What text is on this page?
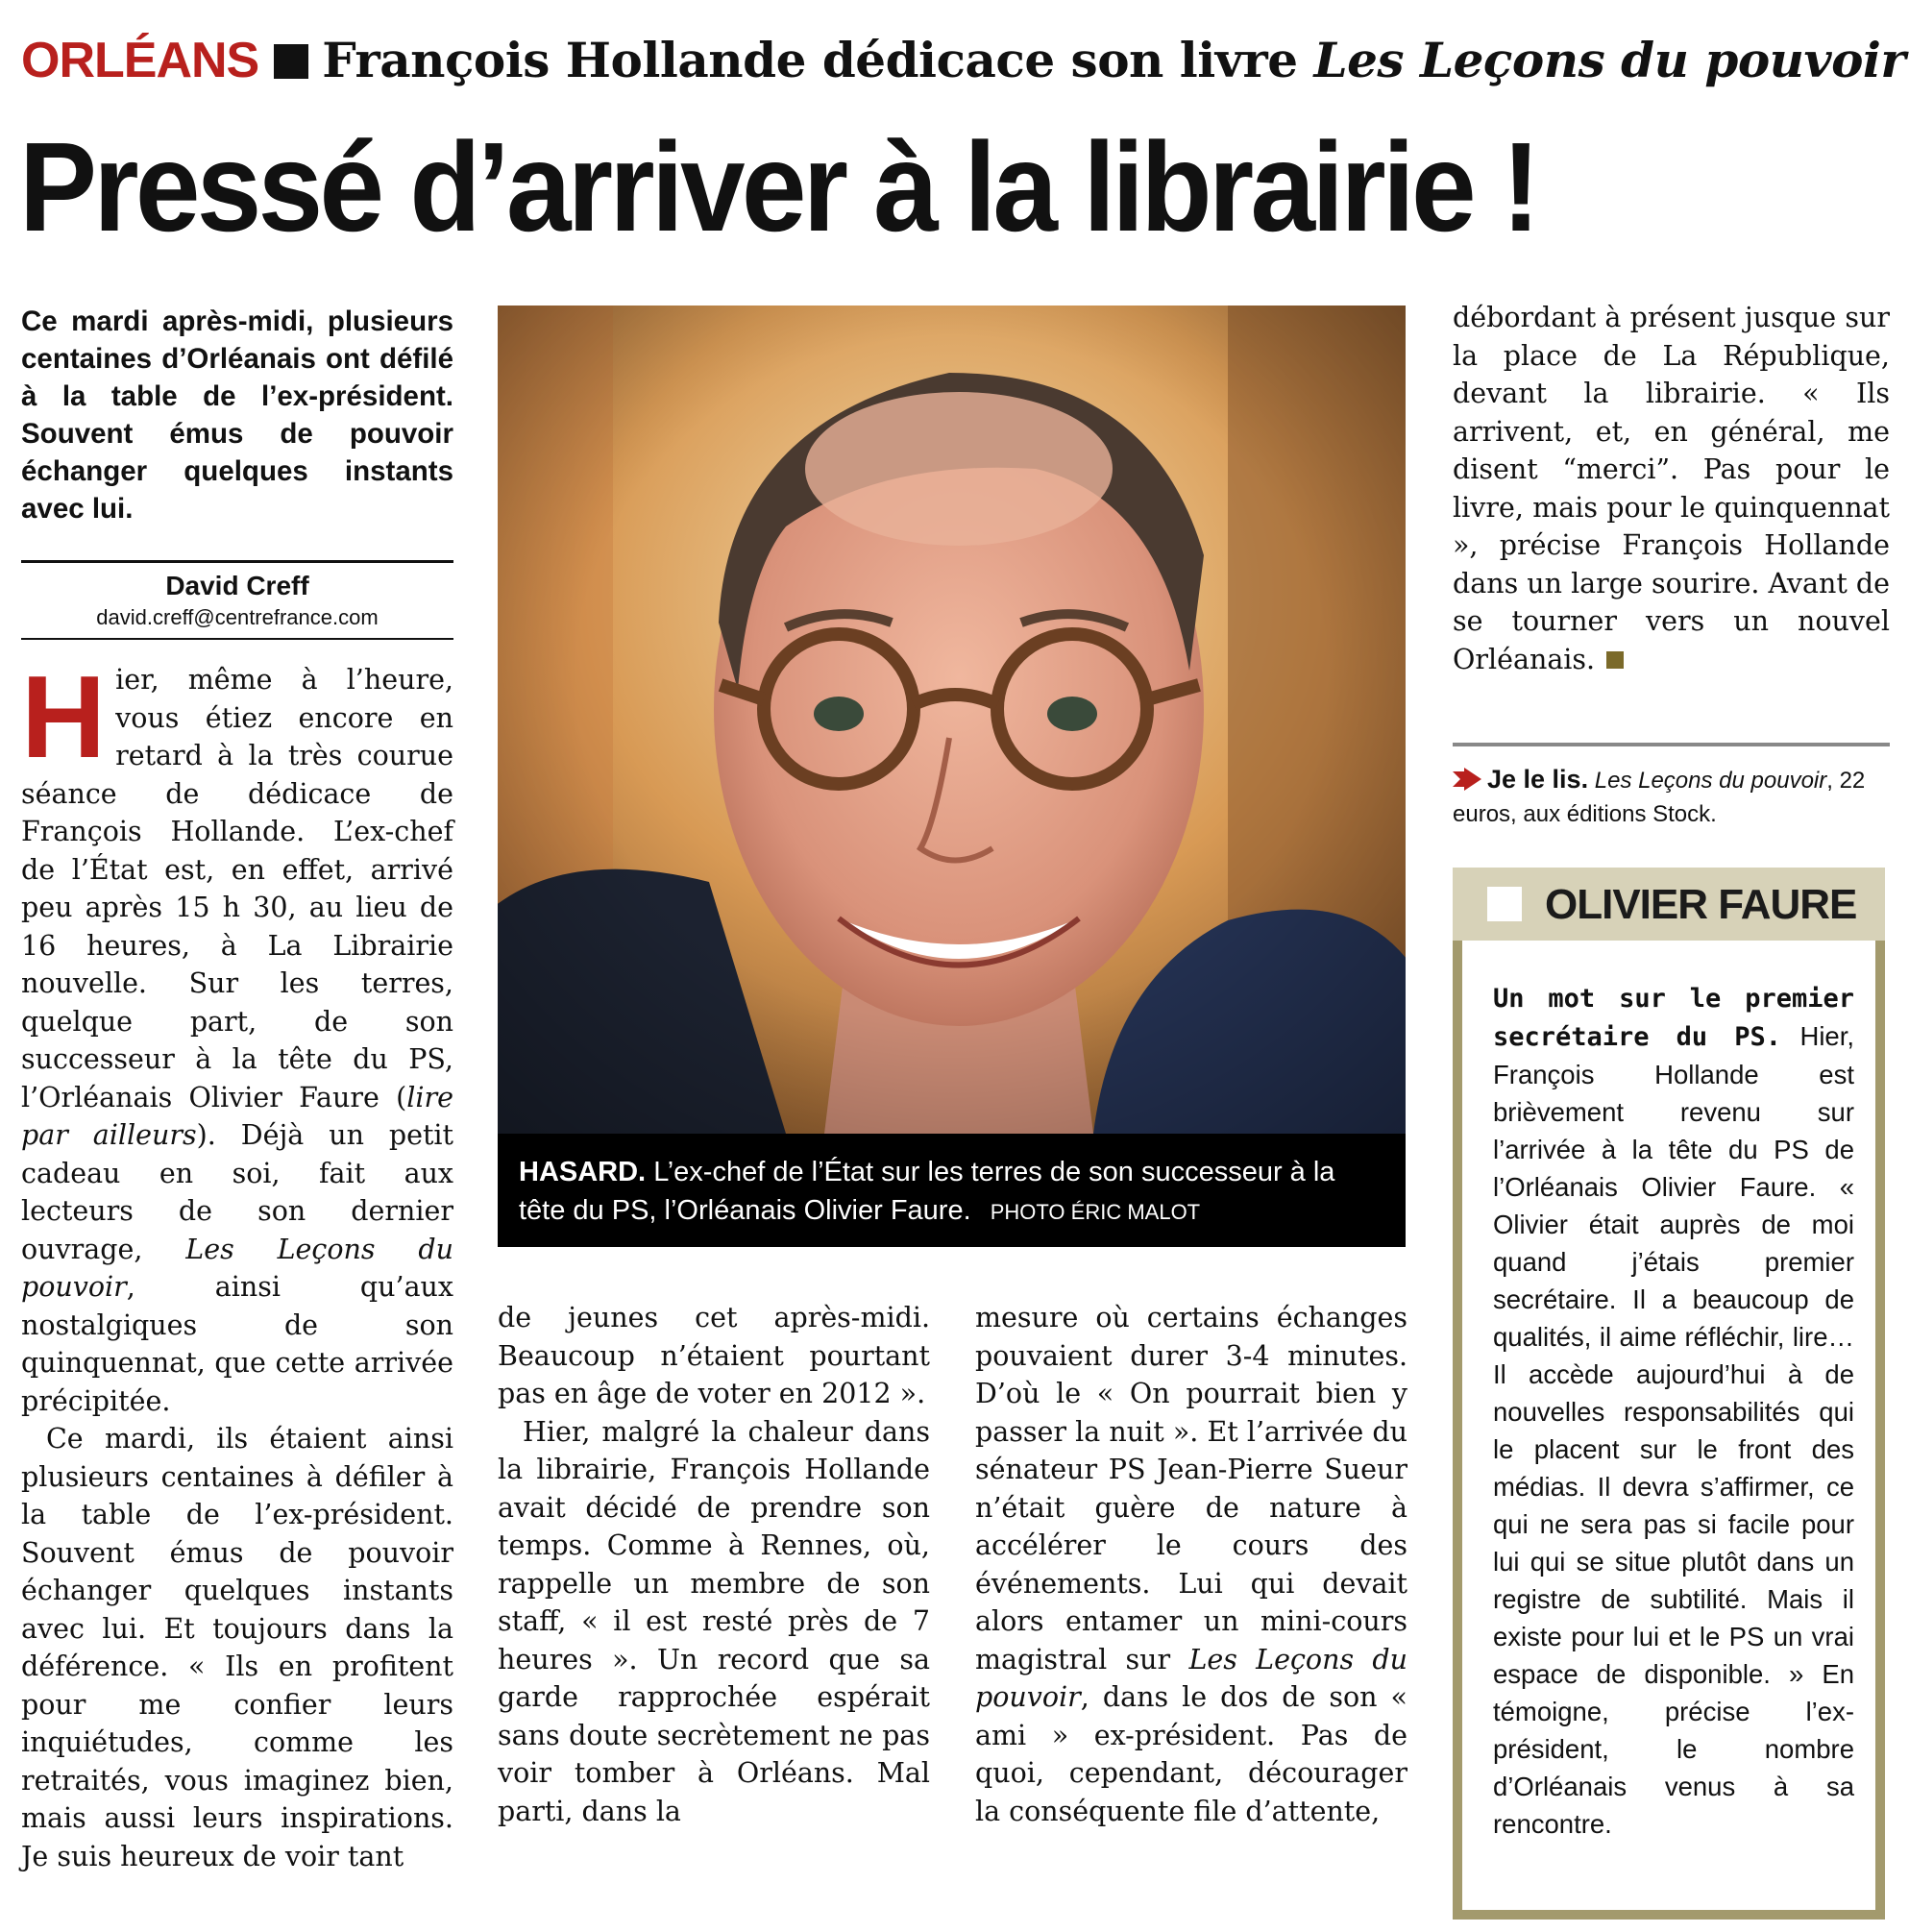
ORLÉANS François Hollande dédicace son livre Les Leçons du pouvoir
Pressé d’arriver à la librairie !
Ce mardi après-midi, plusieurs centaines d’Orléanais ont défilé à la table de l’ex-président. Souvent émus de pouvoir échanger quelques instants avec lui.
David Creff
david.creff@centrefrance.com

Hier, même à l’heure, vous étiez encore en retard à la très courue séance de dédicace de François Hollande. L’ex-chef de l’État est, en effet, arrivé peu après 15 h 30, au lieu de 16 heures, à La Librairie nouvelle. Sur les terres, quelque part, de son successeur à la tête du PS, l’Orléanais Olivier Faure (lire par ailleurs). Déjà un petit cadeau en soi, fait aux lecteurs de son dernier ouvrage, Les Leçons du pouvoir, ainsi qu’aux nostalgiques de son quinquennat, que cette arrivée précipitée.

Ce mardi, ils étaient ainsi plusieurs centaines à défiler à la table de l’ex-président. Souvent émus de pouvoir échanger quelques instants avec lui. Et toujours dans la déférence. « Ils en profitent pour me confier leurs inquiétudes, comme les retraités, vous imaginez bien, mais aussi leurs inspirations. Je suis heureux de voir tant

HASARD. L’ex-chef de l’État sur les terres de son successeur à la tête du PS, l’Orléanais Olivier Faure. PHOTO ÉRIC MALOT

de jeunes cet après-midi. Beaucoup n’étaient pourtant pas en âge de voter en 2012 ».

Hier, malgré la chaleur dans la librairie, François Hollande avait décidé de prendre son temps. Comme à Rennes, où, rappelle un membre de son staff, « il est resté près de 7 heures ». Un record que sa garde rapprochée espérait sans doute secrètement ne pas voir tomber à Orléans. Mal parti, dans la

mesure où certains échanges pouvaient durer 3-4 minutes. D’où le « On pourrait bien y passer la nuit ». Et l’arrivée du sénateur PS Jean-Pierre Sueur n’était guère de nature à accélérer le cours des événements. Lui qui devait alors entamer un mini-cours magistral sur Les Leçons du pouvoir, dans le dos de son « ami » ex-président. Pas de quoi, cependant, décourager la conséquente file d’attente,

débordant à présent jusque sur la place de La République, devant la librairie. « Ils arrivent, et, en général, me disent “merci”. Pas pour le livre, mais pour le quinquennat », précise François Hollande dans un large sourire. Avant de se tourner vers un nouvel Orléanais.

Je le lis. Les Leçons du pouvoir, 22 euros, aux éditions Stock.
OLIVIER FAURE
Un mot sur le premier secrétaire du PS. Hier, François Hollande est brièvement revenu sur l’arrivée à la tête du PS de l’Orléanais Olivier Faure. « Olivier était auprès de moi quand j’étais premier secrétaire. Il a beaucoup de qualités, il aime réfléchir, lire… Il accède aujourd’hui à de nouvelles responsabilités qui le placent sur le front des médias. Il devra s’affirmer, ce qui ne sera pas si facile pour lui qui se situe plutôt dans un registre de subtilité. Mais il existe pour lui et le PS un vrai espace de disponible. » En témoigne, précise l’ex-président, le nombre d’Orléanais venus à sa rencontre.
